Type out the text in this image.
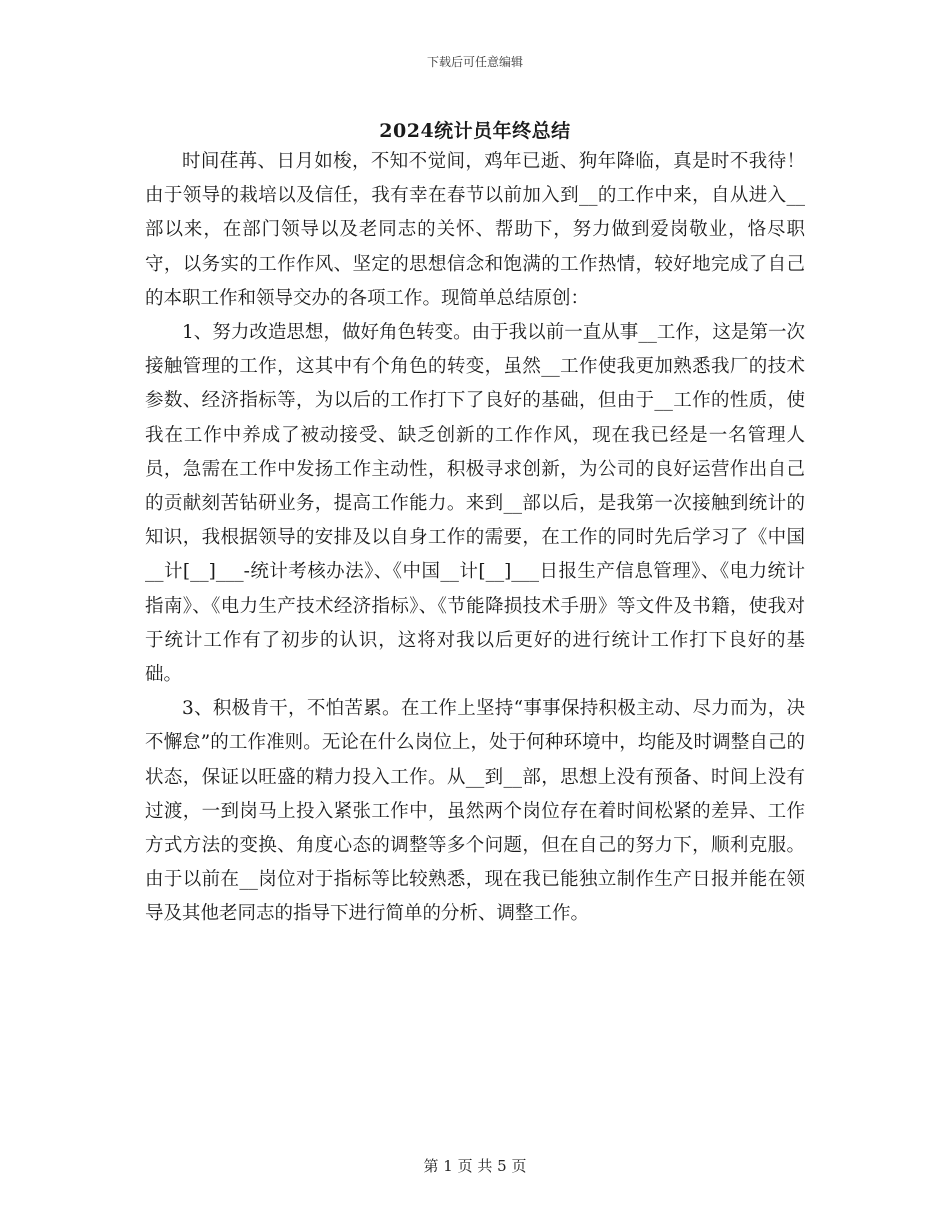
下载后可任意编辑
2024统计员年终总结

时间荏苒、日月如梭，不知不觉间，鸡年已逝、狗年降临，真是时不我待！由于领导的栽培以及信任，我有幸在春节以前加入到__的工作中来，自从进入__部以来，在部门领导以及老同志的关怀、帮助下，努力做到爱岗敬业，恪尽职守，以务实的工作作风、坚定的思想信念和饱满的工作热情，较好地完成了自己的本职工作和领导交办的各项工作。现简单总结原创：

1、努力改造思想，做好角色转变。由于我以前一直从事__工作，这是第一次接触管理的工作，这其中有个角色的转变，虽然__工作使我更加熟悉我厂的技术参数、经济指标等，为以后的工作打下了良好的基础，但由于__工作的性质，使我在工作中养成了被动接受、缺乏创新的工作作风，现在我已经是一名管理人员，急需在工作中发扬工作主动性，积极寻求创新，为公司的良好运营作出自己的贡献刻苦钻研业务，提高工作能力。来到__部以后，是我第一次接触到统计的知识，我根据领导的安排及以自身工作的需要，在工作的同时先后学习了《中国__计[__]___-统计考核办法》、《中国__计[__]___日报生产信息管理》、《电力统计指南》、《电力生产技术经济指标》、《节能降损技术手册》等文件及书籍，使我对于统计工作有了初步的认识，这将对我以后更好的进行统计工作打下良好的基础。

3、积极肯干，不怕苦累。在工作上坚持“事事保持积极主动、尽力而为，决不懈怠”的工作准则。无论在什么岗位上，处于何种环境中，均能及时调整自己的状态，保证以旺盛的精力投入工作。从__到__部，思想上没有预备、时间上没有过渡，一到岗马上投入紧张工作中，虽然两个岗位存在着时间松紧的差异、工作方式方法的变换、角度心态的调整等多个问题，但在自己的努力下，顺利克服。由于以前在__岗位对于指标等比较熟悉，现在我已能独立制作生产日报并能在领导及其他老同志的指导下进行简单的分析、调整工作。

第 1 页 共 5 页
